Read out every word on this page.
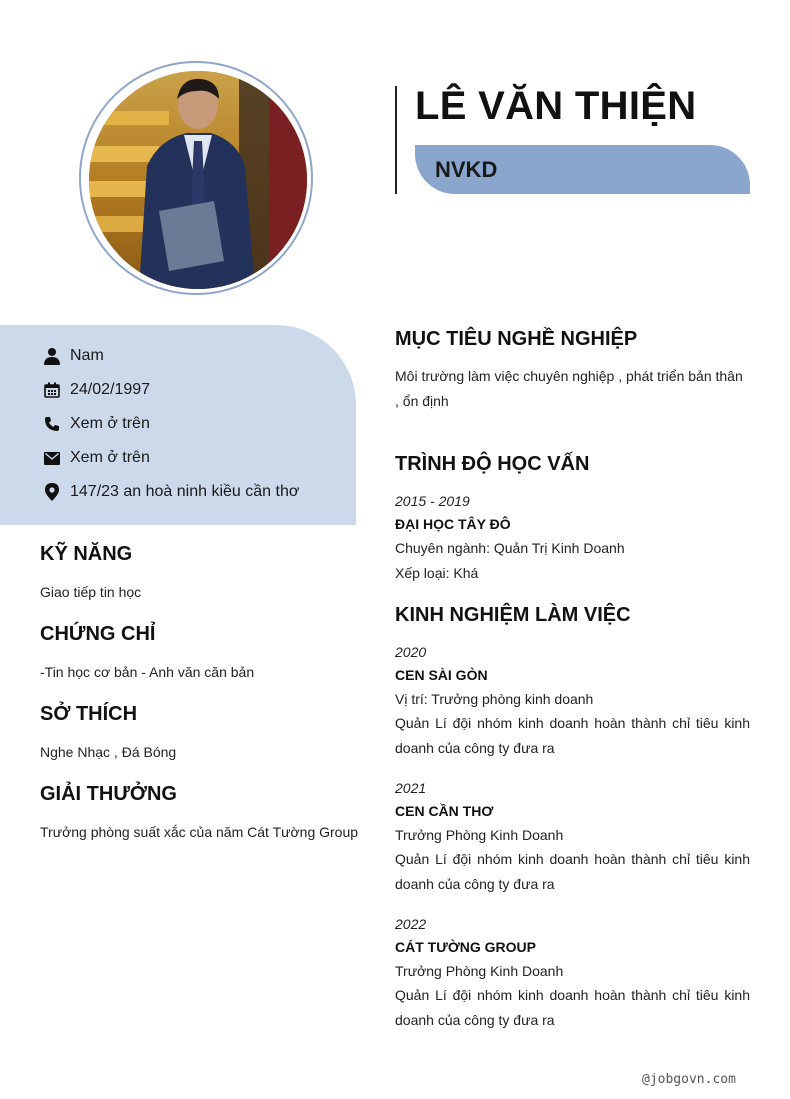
LÊ VĂN THIỆN
NVKD
Nam
24/02/1997
Xem ở trên
Xem ở trên
147/23 an hoà ninh kiều cần thơ
KỸ NĂNG
Giao tiếp tin học
CHỨNG CHỈ
-Tin học cơ bản - Anh văn căn bản
SỞ THÍCH
Nghe Nhạc , Đá Bóng
GIẢI THƯỞNG
Trưởng phòng suất xắc của năm Cát Tường Group
MỤC TIÊU NGHỀ NGHIỆP
Môi trường làm việc chuyên nghiệp , phát triển bản thân , ổn định
TRÌNH ĐỘ HỌC VẤN
2015 - 2019
ĐẠI HỌC TÂY ĐÔ
Chuyên ngành: Quản Trị Kinh Doanh
Xếp loại: Khá
KINH NGHIỆM LÀM VIỆC
2020
CEN SÀI GÒN
Vị trí: Trưởng phòng kinh doanh
Quản Lí đội nhóm kinh doanh hoàn thành chỉ tiêu kinh doanh của công ty đưa ra
2021
CEN CẦN THƠ
Trưởng Phòng Kinh Doanh
Quản Lí đội nhóm kinh doanh hoàn thành chỉ tiêu kinh doanh của công ty đưa ra
2022
CÁT TƯỜNG GROUP
Trưởng Phòng Kinh Doanh
Quản Lí đội nhóm kinh doanh hoàn thành chỉ tiêu kinh doanh của công ty đưa ra
@jobgovn.com
